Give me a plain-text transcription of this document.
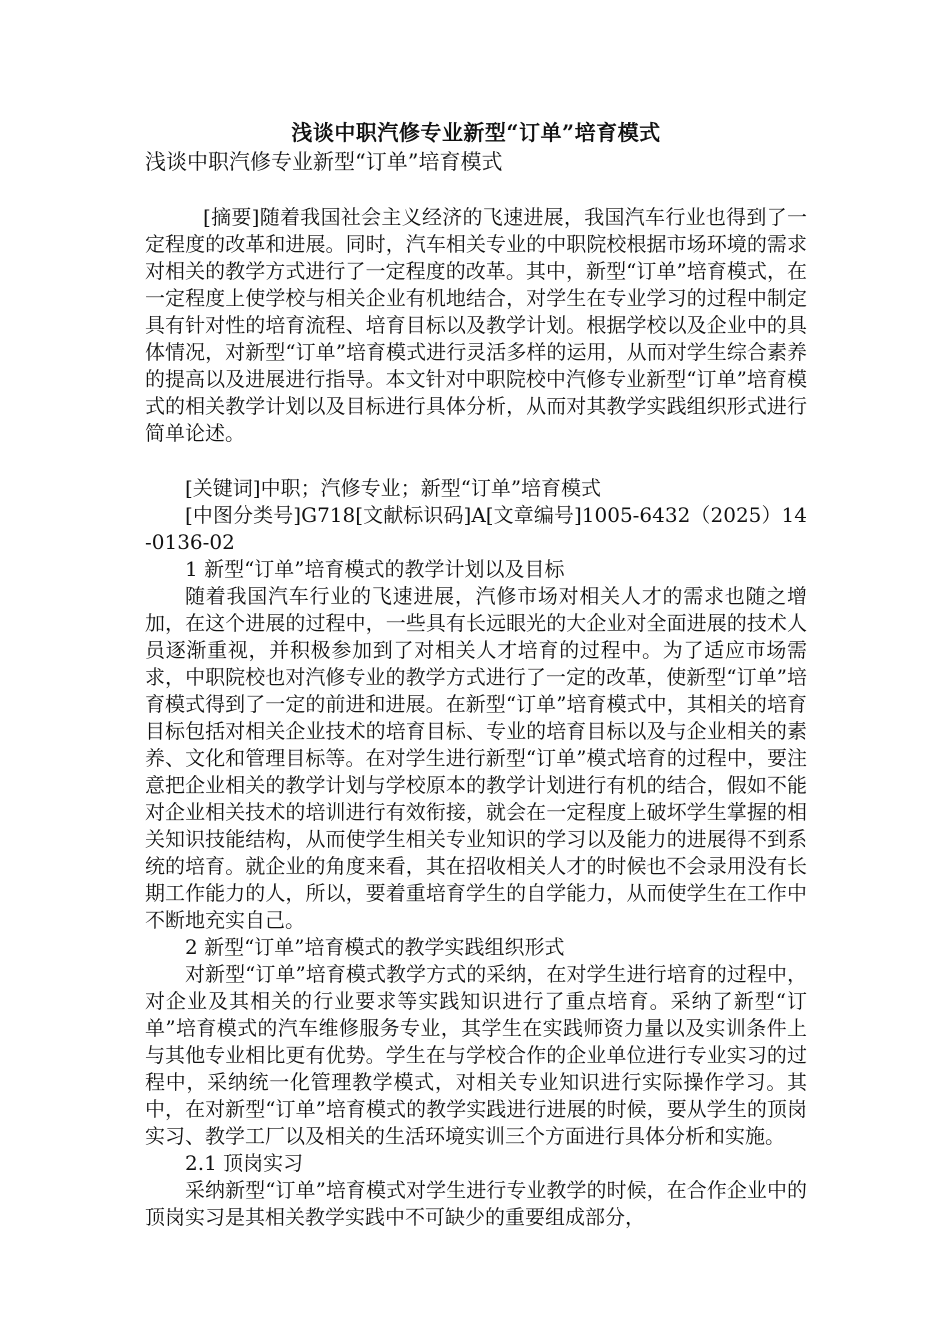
浅谈中职汽修专业新型“订单”培育模式

浅谈中职汽修专业新型“订单”培育模式

[摘要]随着我国社会主义经济的飞速进展，我国汽车行业也得到了一定程度的改革和进展。同时，汽车相关专业的中职院校根据市场环境的需求对相关的教学方式进行了一定程度的改革。其中，新型“订单”培育模式，在一定程度上使学校与相关企业有机地结合，对学生在专业学习的过程中制定具有针对性的培育流程、培育目标以及教学计划。根据学校以及企业中的具体情况，对新型“订单”培育模式进行灵活多样的运用，从而对学生综合素养的提高以及进展进行指导。本文针对中职院校中汽修专业新型“订单”培育模式的相关教学计划以及目标进行具体分析，从而对其教学实践组织形式进行简单论述。

[关键词]中职；汽修专业；新型“订单”培育模式

[中图分类号]G718[文献标识码]A[文章编号]1005-6432（2025）14-0136-02

1 新型“订单”培育模式的教学计划以及目标

随着我国汽车行业的飞速进展，汽修市场对相关人才的需求也随之增加，在这个进展的过程中，一些具有长远眼光的大企业对全面进展的技术人员逐渐重视，并积极参加到了对相关人才培育的过程中。为了适应市场需求，中职院校也对汽修专业的教学方式进行了一定的改革，使新型“订单”培育模式得到了一定的前进和进展。在新型“订单”培育模式中，其相关的培育目标包括对相关企业技术的培育目标、专业的培育目标以及与企业相关的素养、文化和管理目标等。在对学生进行新型“订单”模式培育的过程中，要注意把企业相关的教学计划与学校原本的教学计划进行有机的结合，假如不能对企业相关技术的培训进行有效衔接，就会在一定程度上破坏学生掌握的相关知识技能结构，从而使学生相关专业知识的学习以及能力的进展得不到系统的培育。就企业的角度来看，其在招收相关人才的时候也不会录用没有长期工作能力的人，所以，要着重培育学生的自学能力，从而使学生在工作中不断地充实自己。

2 新型“订单”培育模式的教学实践组织形式

对新型“订单”培育模式教学方式的采纳，在对学生进行培育的过程中，对企业及其相关的行业要求等实践知识进行了重点培育。采纳了新型“订单”培育模式的汽车维修服务专业，其学生在实践师资力量以及实训条件上与其他专业相比更有优势。学生在与学校合作的企业单位进行专业实习的过程中，采纳统一化管理教学模式，对相关专业知识进行实际操作学习。其中，在对新型“订单”培育模式的教学实践进行进展的时候，要从学生的顶岗实习、教学工厂以及相关的生活环境实训三个方面进行具体分析和实施。

2.1 顶岗实习

采纳新型“订单”培育模式对学生进行专业教学的时候，在合作企业中的顶岗实习是其相关教学实践中不可缺少的重要组成部分，
